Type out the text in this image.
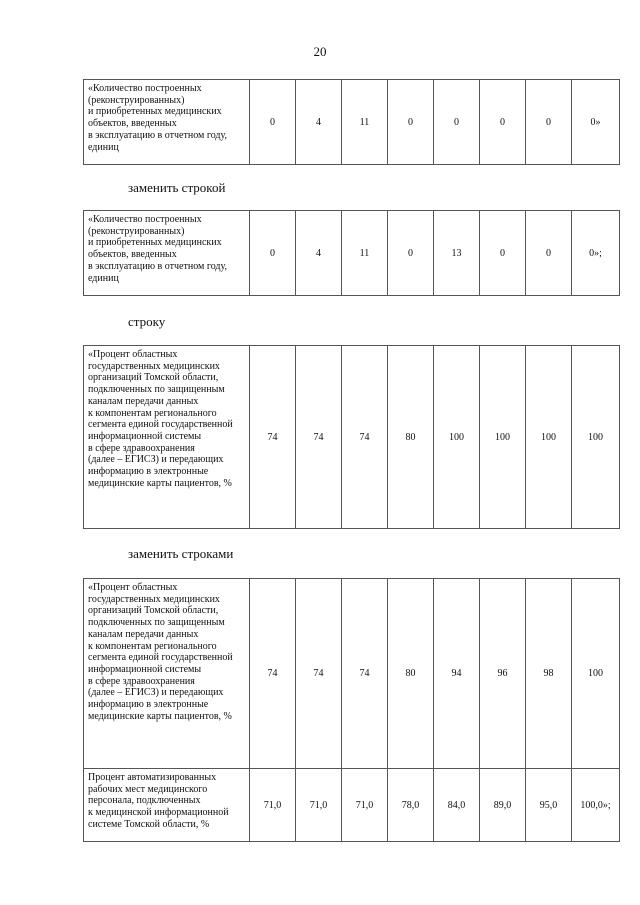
20
«Количество построенных (реконструированных)
и приобретенных медицинских объектов, введенных
в эксплуатацию в отчетном году, единиц	0	4	11	0	0	0	0	0»
заменить строкой
«Количество построенных (реконструированных)
и приобретенных медицинских объектов, введенных
в эксплуатацию в отчетном году, единиц	0	4	11	0	13	0	0	0»;
строку
«Процент областных государственных медицинских организаций Томской области, подключенных по защищенным каналам передачи данных
к компонентам регионального сегмента единой государственной информационной системы
в сфере здравоохранения
(далее – ЕГИСЗ) и передающих информацию в электронные медицинские карты пациентов, %	74	74	74	80	100	100	100	100
заменить строками
«Процент областных государственных медицинских организаций Томской области, подключенных по защищенным каналам передачи данных
к компонентам регионального сегмента единой государственной информационной системы
в сфере здравоохранения
(далее – ЕГИСЗ) и передающих информацию в электронные медицинские карты пациентов, %	74	74	74	80	94	96	98	100
Процент автоматизированных рабочих мест медицинского персонала, подключенных
к медицинской информационной системе Томской области, %	71,0	71,0	71,0	78,0	84,0	89,0	95,0	100,0»;
